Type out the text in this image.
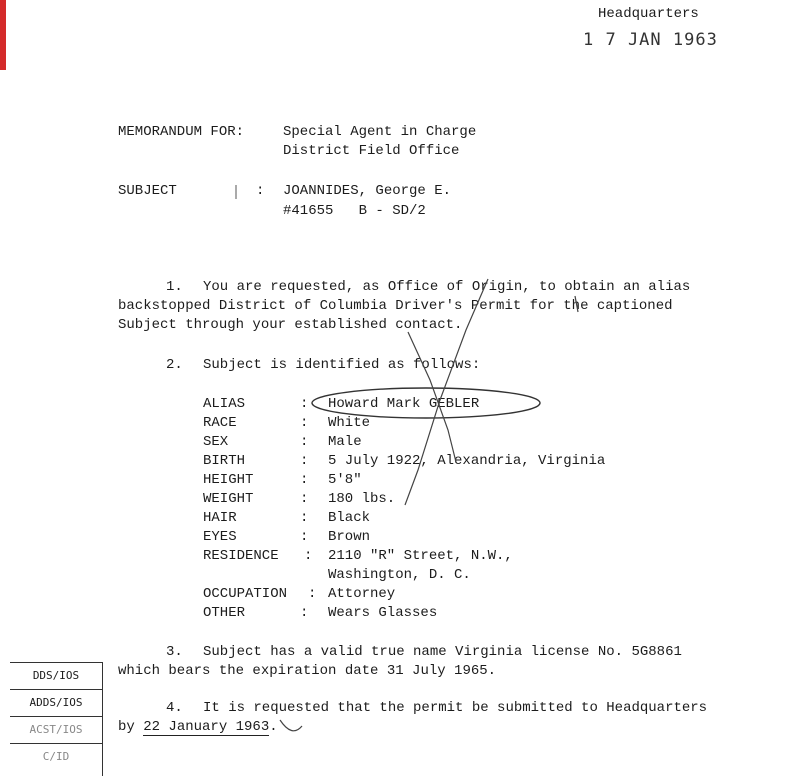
Headquarters
1 7 JAN 1963
MEMORANDUM FOR:	Special Agent in Charge
District Field Office
SUBJECT	: JOANNIDES, George E.
#41655   B - SD/2
1. You are requested, as Office of Origin, to obtain an alias
backstopped District of Columbia Driver's Permit for the captioned
Subject through your established contact.
2. Subject is identified as follows:
ALIAS	: Howard Mark GEBLER
RACE	: White
SEX	: Male
BIRTH	: 5 July 1922, Alexandria, Virginia
HEIGHT	: 5'8"
WEIGHT	: 180 lbs.
HAIR	: Black
EYES	: Brown
RESIDENCE : 2110 "R" Street, N.W.,
Washington, D. C.
OCCUPATION : Attorney
OTHER	: Wears Glasses
3. Subject has a valid true name Virginia license No. 5G8861
which bears the expiration date 31 July 1965.
4. It is requested that the permit be submitted to Headquarters
by 22 January 1963.
DDS/IOS
ADDS/IOS
ACST/IOS
C/ID
